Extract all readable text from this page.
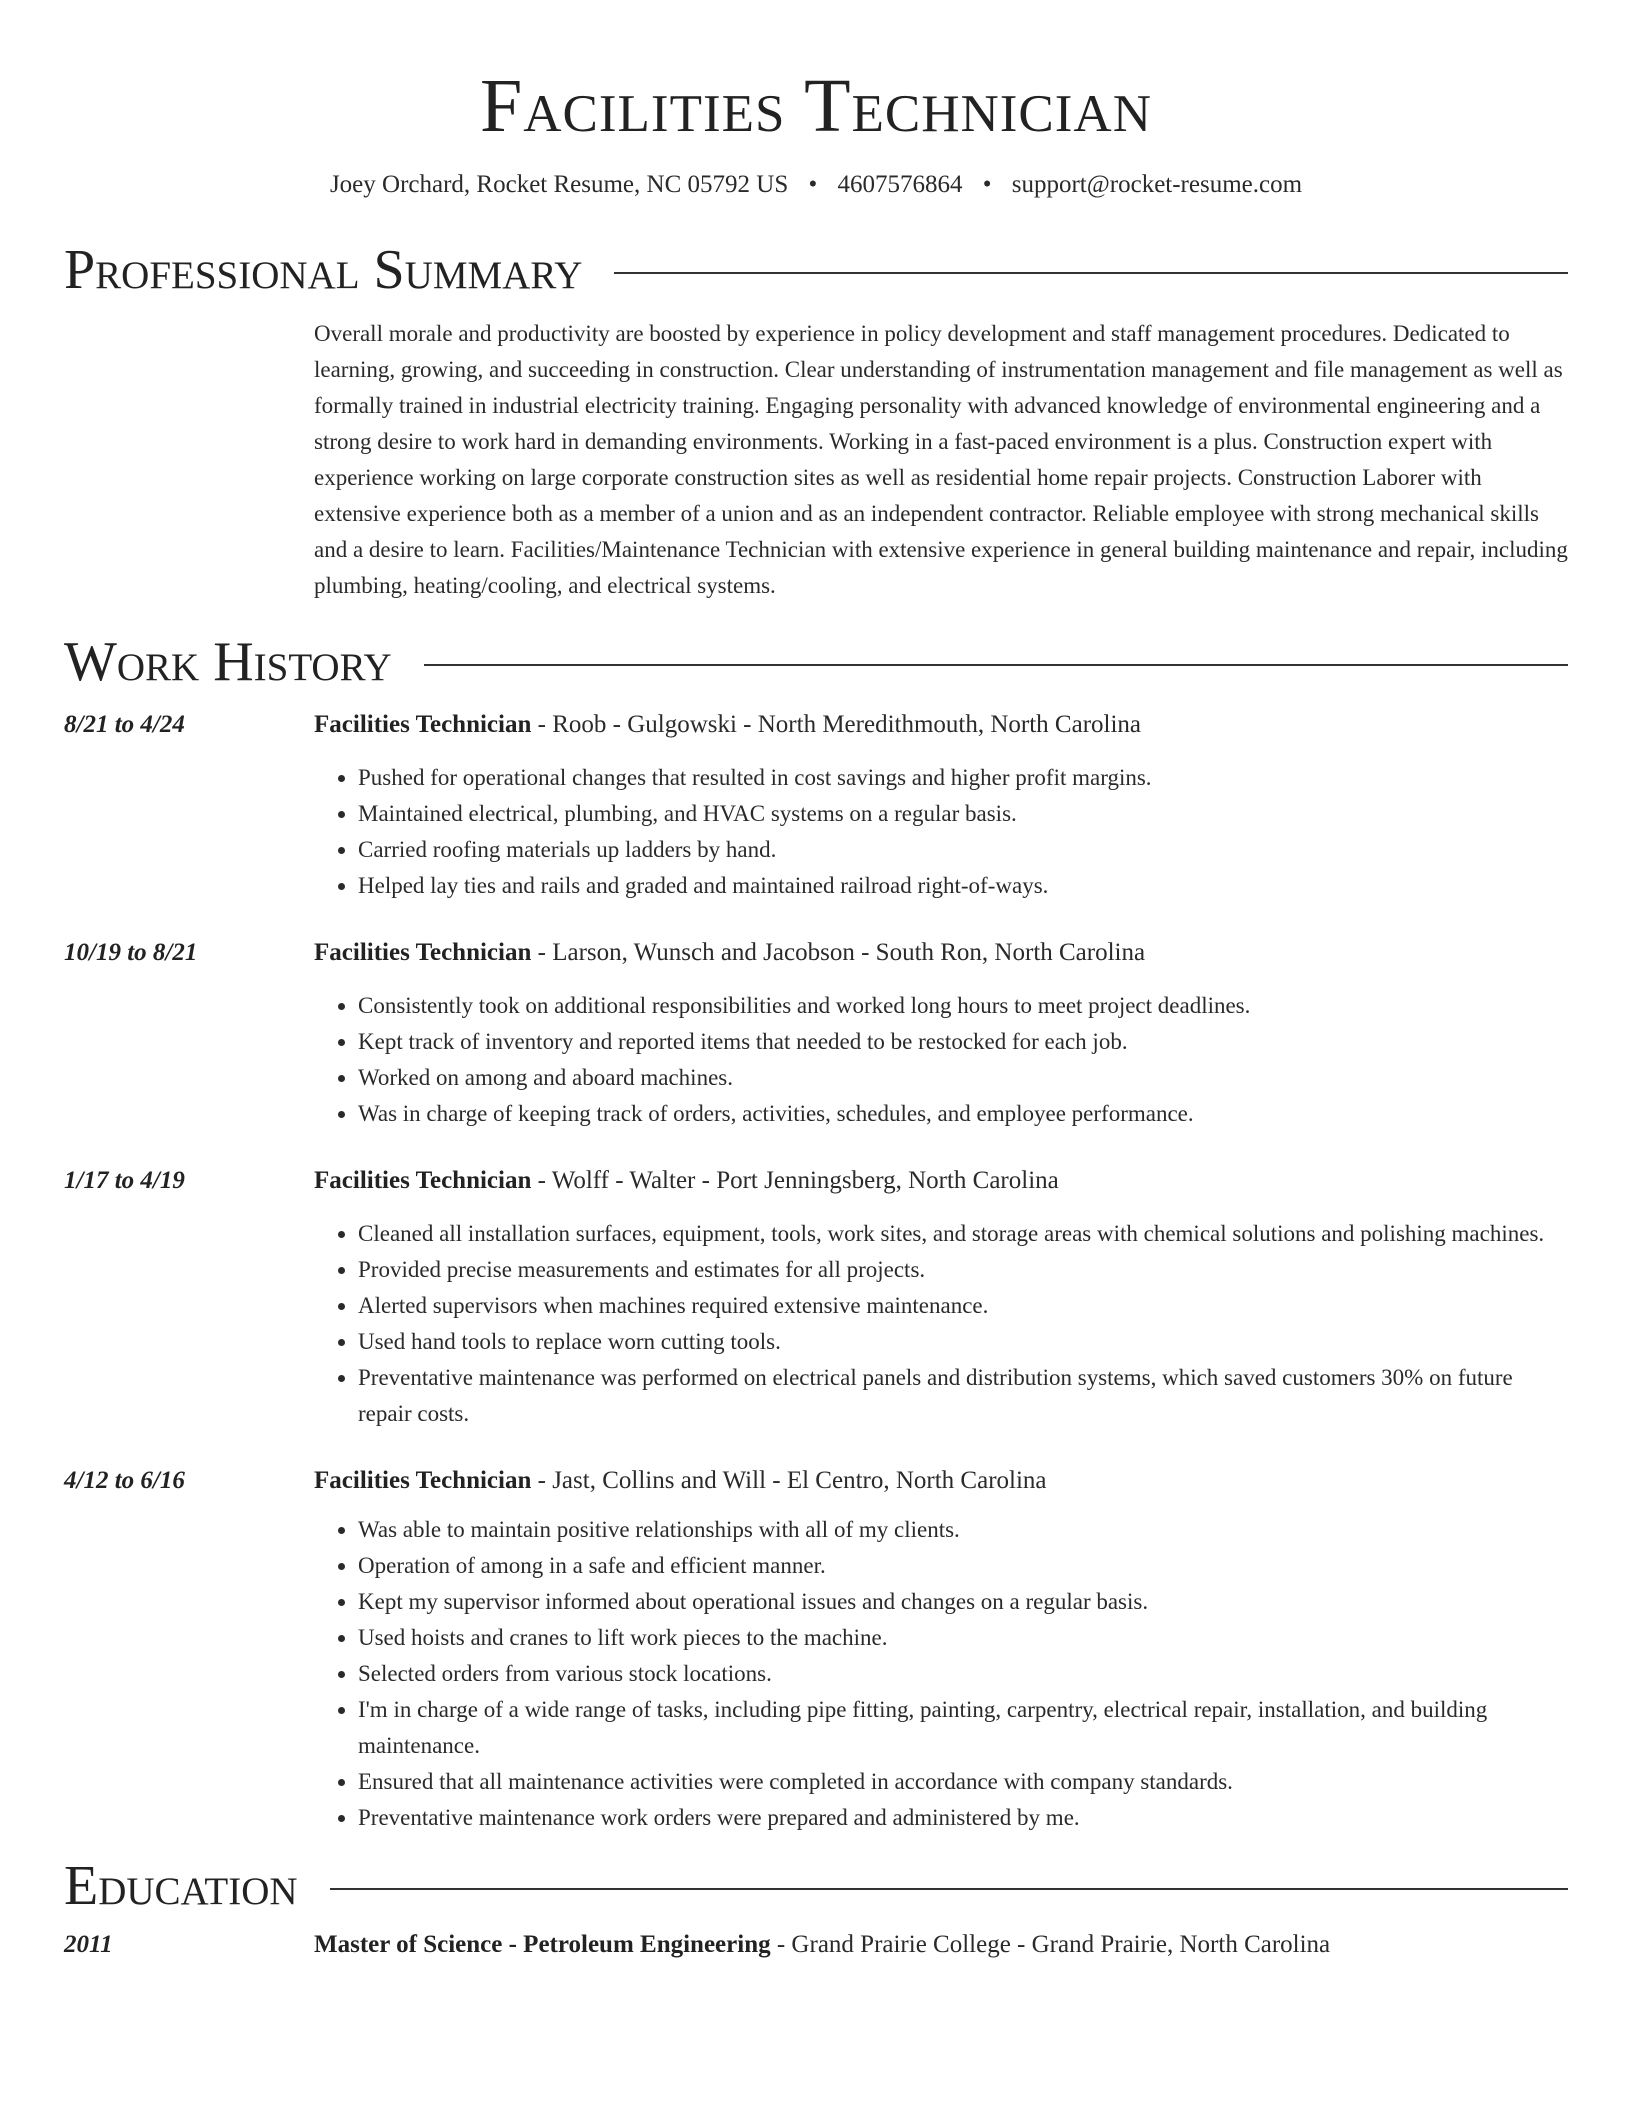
Facilities Technician
Joey Orchard, Rocket Resume, NC 05792 US • 4607576864 • support@rocket-resume.com
Professional Summary

Overall morale and productivity are boosted by experience in policy development and staff management procedures. Dedicated to learning, growing, and succeeding in construction. Clear understanding of instrumentation management and file management as well as formally trained in industrial electricity training. Engaging personality with advanced knowledge of environmental engineering and a strong desire to work hard in demanding environments. Working in a fast-paced environment is a plus. Construction expert with experience working on large corporate construction sites as well as residential home repair projects. Construction Laborer with extensive experience both as a member of a union and as an independent contractor. Reliable employee with strong mechanical skills and a desire to learn. Facilities/Maintenance Technician with extensive experience in general building maintenance and repair, including plumbing, heating/cooling, and electrical systems.

Work History
8/21 to 4/24	Facilities Technician - Roob - Gulgowski - North Meredithmouth, North Carolina
• Pushed for operational changes that resulted in cost savings and higher profit margins.
• Maintained electrical, plumbing, and HVAC systems on a regular basis.
• Carried roofing materials up ladders by hand.
• Helped lay ties and rails and graded and maintained railroad right-of-ways.
10/19 to 8/21	Facilities Technician - Larson, Wunsch and Jacobson - South Ron, North Carolina
• Consistently took on additional responsibilities and worked long hours to meet project deadlines.
• Kept track of inventory and reported items that needed to be restocked for each job.
• Worked on among and aboard machines.
• Was in charge of keeping track of orders, activities, schedules, and employee performance.
1/17 to 4/19	Facilities Technician - Wolff - Walter - Port Jenningsberg, North Carolina
• Cleaned all installation surfaces, equipment, tools, work sites, and storage areas with chemical solutions and polishing machines.
• Provided precise measurements and estimates for all projects.
• Alerted supervisors when machines required extensive maintenance.
• Used hand tools to replace worn cutting tools.
• Preventative maintenance was performed on electrical panels and distribution systems, which saved customers 30% on future repair costs.
4/12 to 6/16	Facilities Technician - Jast, Collins and Will - El Centro, North Carolina
• Was able to maintain positive relationships with all of my clients.
• Operation of among in a safe and efficient manner.
• Kept my supervisor informed about operational issues and changes on a regular basis.
• Used hoists and cranes to lift work pieces to the machine.
• Selected orders from various stock locations.
• I'm in charge of a wide range of tasks, including pipe fitting, painting, carpentry, electrical repair, installation, and building maintenance.
• Ensured that all maintenance activities were completed in accordance with company standards.
• Preventative maintenance work orders were prepared and administered by me.
Education
2011	Master of Science - Petroleum Engineering - Grand Prairie College - Grand Prairie, North Carolina
